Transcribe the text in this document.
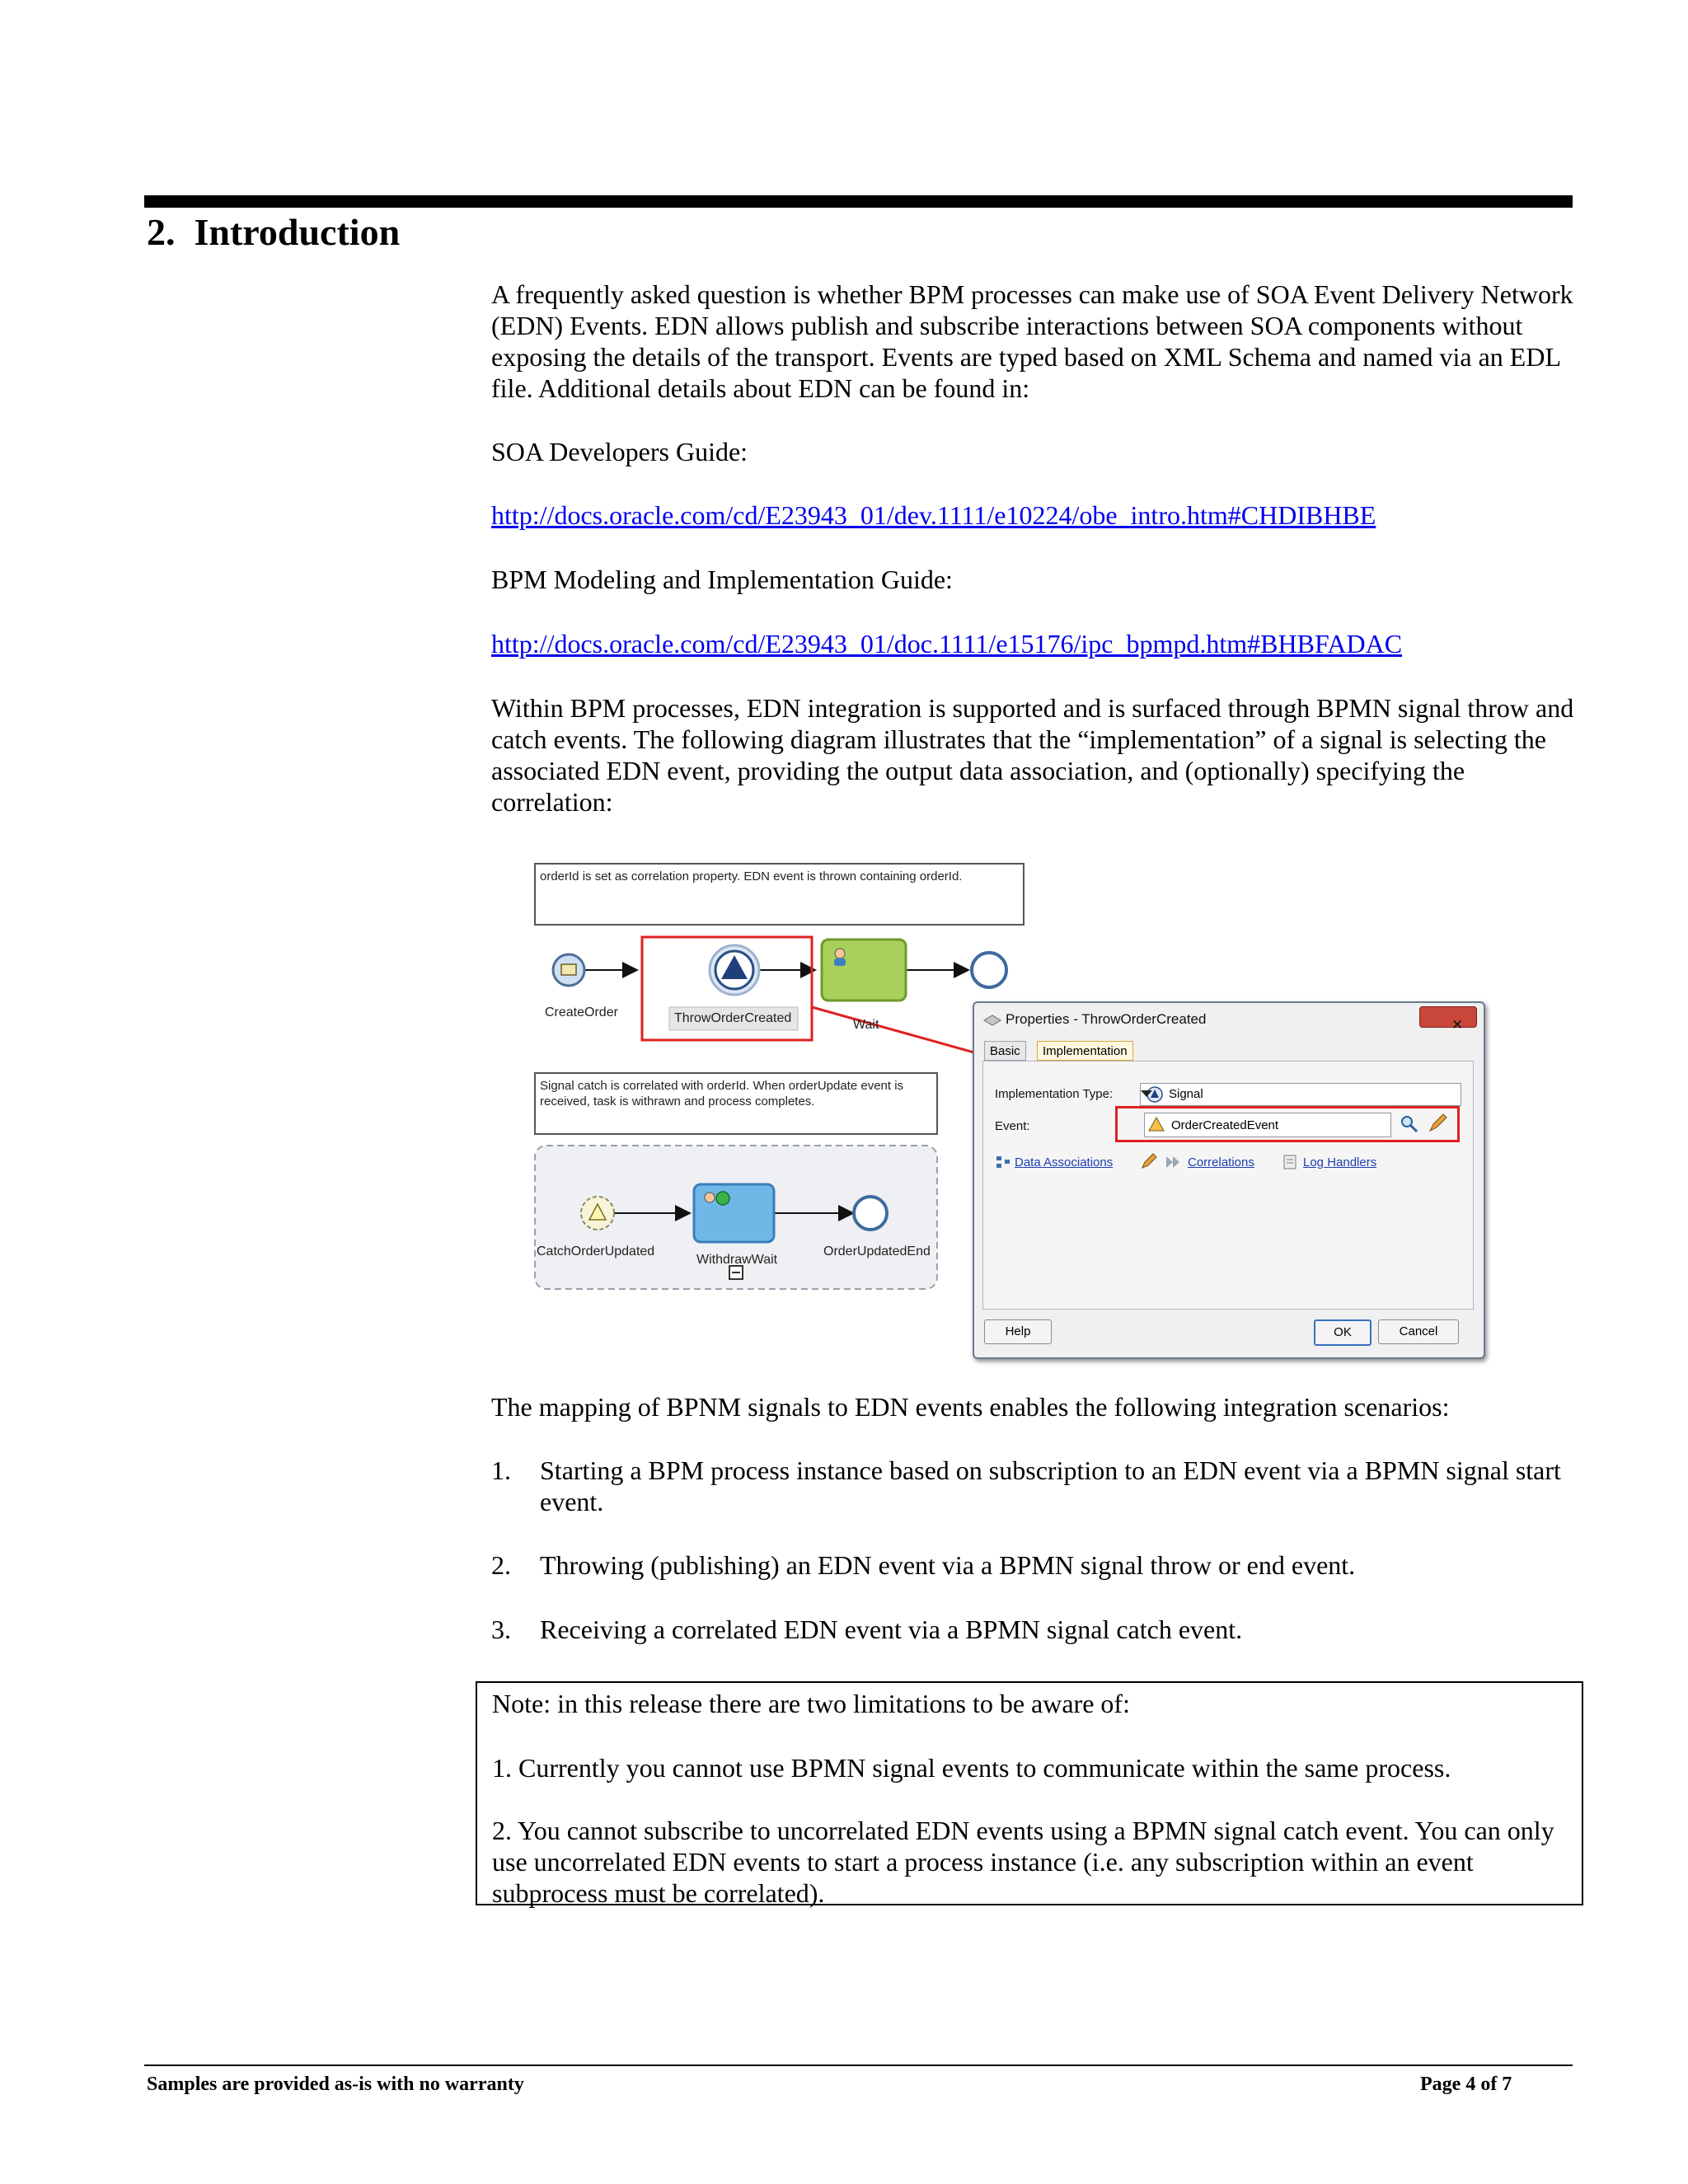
2. Introduction

A frequently asked question is whether BPM processes can make use of SOA Event Delivery Network (EDN) Events. EDN allows publish and subscribe interactions between SOA components without exposing the details of the transport. Events are typed based on XML Schema and named via an EDL file. Additional details about EDN can be found in:

SOA Developers Guide:

http://docs.oracle.com/cd/E23943_01/dev.1111/e10224/obe_intro.htm#CHDIBHBE

BPM Modeling and Implementation Guide:

http://docs.oracle.com/cd/E23943_01/doc.1111/e15176/ipc_bpmpd.htm#BHBFADAC

Within BPM processes, EDN integration is supported and is surfaced through BPMN signal throw and catch events. The following diagram illustrates that the “implementation” of a signal is selecting the associated EDN event, providing the output data association, and (optionally) specifying the correlation:

orderId is set as correlation property. EDN event is thrown containing orderId.
Signal catch is correlated with orderId. When orderUpdate event is received, task is withrawn and process completes.
CreateOrder	ThrowOrderCreated	Wait
CatchOrderUpdated
WithdrawWait
OrderUpdatedEnd
Properties - ThrowOrderCreated	✕
Basic	Implementation
Implementation Type:	Signal
Event:	OrderCreatedEvent
Data Associations	Correlations	Log Handlers
Help	OK	Cancel

The mapping of BPNM signals to EDN events enables the following integration scenarios:

1. Starting a BPM process instance based on subscription to an EDN event via a BPMN signal start event.
2. Throwing (publishing) an EDN event via a BPMN signal throw or end event.
3. Receiving a correlated EDN event via a BPMN signal catch event.

Note: in this release there are two limitations to be aware of:

1. Currently you cannot use BPMN signal events to communicate within the same process.

2. You cannot subscribe to uncorrelated EDN events using a BPMN signal catch event. You can only use uncorrelated EDN events to start a process instance (i.e. any subscription within an event subprocess must be correlated).

Samples are provided as-is with no warranty	Page 4 of 7
